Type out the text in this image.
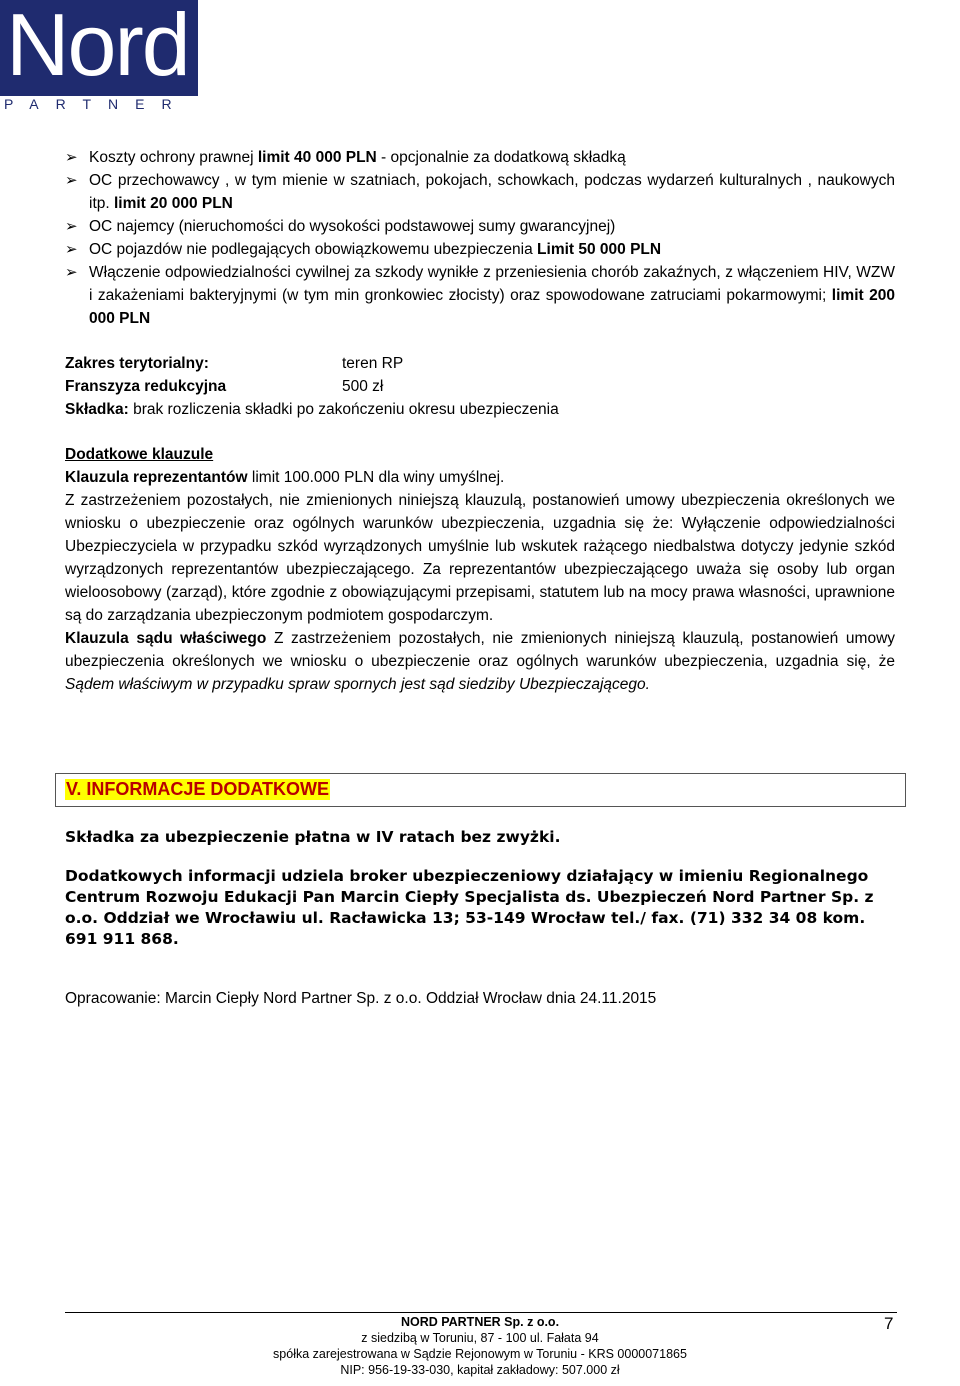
Nord
PARTNER
➢ Koszty ochrony prawnej limit 40 000 PLN - opcjonalnie za dodatkową składką
➢ OC przechowawcy , w tym mienie w szatniach, pokojach, schowkach, podczas wydarzeń kulturalnych , naukowych itp. limit 20 000 PLN
➢ OC najemcy (nieruchomości do wysokości podstawowej sumy gwarancyjnej)
➢ OC pojazdów nie podlegających obowiązkowemu ubezpieczenia Limit 50 000 PLN
➢ Włączenie odpowiedzialności cywilnej za szkody wynikłe z przeniesienia chorób zakaźnych, z włączeniem HIV, WZW i zakażeniami bakteryjnymi (w tym min gronkowiec złocisty) oraz spowodowane zatruciami pokarmowymi; limit 200 000 PLN
Zakres terytorialny:	teren RP
Franszyza redukcyjna	500 zł
Składka: brak rozliczenia składki po zakończeniu okresu ubezpieczenia
Dodatkowe klauzule
Klauzula reprezentantów limit 100.000 PLN dla winy umyślnej.
Z zastrzeżeniem pozostałych, nie zmienionych niniejszą klauzulą, postanowień umowy ubezpieczenia określonych we wniosku o ubezpieczenie oraz ogólnych warunków ubezpieczenia, uzgadnia się że: Wyłączenie odpowiedzialności Ubezpieczyciela w przypadku szkód wyrządzonych umyślnie lub wskutek rażącego niedbalstwa dotyczy jedynie szkód wyrządzonych reprezentantów ubezpieczającego. Za reprezentantów ubezpieczającego uważa się osoby lub organ wieloosobowy (zarząd), które zgodnie z obowiązującymi przepisami, statutem lub na mocy prawa własności, uprawnione są do zarządzania ubezpieczonym podmiotem gospodarczym.
Klauzula sądu właściwego Z zastrzeżeniem pozostałych, nie zmienionych niniejszą klauzulą, postanowień umowy ubezpieczenia określonych we wniosku o ubezpieczenie oraz ogólnych warunków ubezpieczenia, uzgadnia się, że Sądem właściwym w przypadku spraw spornych jest sąd siedziby Ubezpieczającego.
V. INFORMACJE DODATKOWE
Składka za ubezpieczenie płatna w IV ratach bez zwyżki.
Dodatkowych informacji udziela broker ubezpieczeniowy działający w imieniu Regionalnego Centrum Rozwoju Edukacji Pan Marcin Ciepły Specjalista ds. Ubezpieczeń Nord Partner Sp. z o.o. Oddział we Wrocławiu ul. Racławicka 13; 53-149 Wrocław tel./ fax. (71) 332 34 08 kom. 691 911 868.
Opracowanie: Marcin Ciepły Nord Partner Sp. z o.o. Oddział Wrocław dnia 24.11.2015
NORD PARTNER Sp. z o.o.
z siedzibą w Toruniu, 87 - 100 ul. Fałata 94
spółka zarejestrowana w Sądzie Rejonowym w Toruniu - KRS 0000071865
NIP: 956-19-33-030, kapitał zakładowy: 507.000 zł
7
